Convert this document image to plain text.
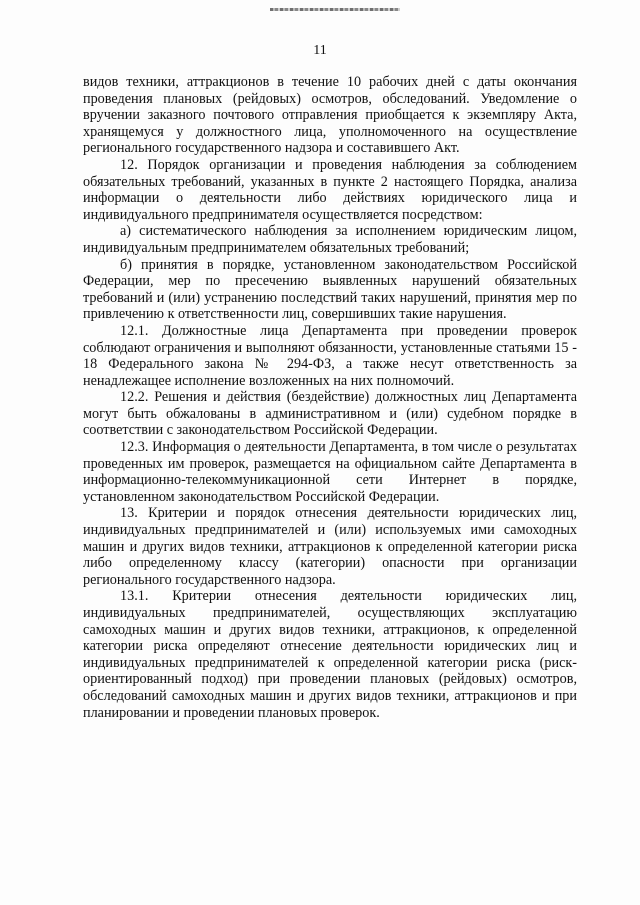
11

видов техники, аттракционов в течение 10 рабочих дней с даты окончания проведения плановых (рейдовых) осмотров, обследований. Уведомление о вручении заказного почтового отправления приобщается к экземпляру Акта, хранящемуся у должностного лица, уполномоченного на осуществление регионального государственного надзора и составившего Акт.

12. Порядок организации и проведения наблюдения за соблюдением обязательных требований, указанных в пункте 2 настоящего Порядка, анализа информации о деятельности либо действиях юридического лица и индивидуального предпринимателя осуществляется посредством:

а) систематического наблюдения за исполнением юридическим лицом, индивидуальным предпринимателем обязательных требований;

б) принятия в порядке, установленном законодательством Российской Федерации, мер по пресечению выявленных нарушений обязательных требований и (или) устранению последствий таких нарушений, принятия мер по привлечению к ответственности лиц, совершивших такие нарушения.

12.1. Должностные лица Департамента при проведении проверок соблюдают ограничения и выполняют обязанности, установленные статьями 15 - 18 Федерального закона № 294-ФЗ, а также несут ответственность за ненадлежащее исполнение возложенных на них полномочий.

12.2. Решения и действия (бездействие) должностных лиц Департамента могут быть обжалованы в административном и (или) судебном порядке в соответствии с законодательством Российской Федерации.

12.3. Информация о деятельности Департамента, в том числе о результатах проведенных им проверок, размещается на официальном сайте Департамента в информационно-телекоммуникационной сети Интернет в порядке, установленном законодательством Российской Федерации.

13. Критерии и порядок отнесения деятельности юридических лиц, индивидуальных предпринимателей и (или) используемых ими самоходных машин и других видов техники, аттракционов к определенной категории риска либо определенному классу (категории) опасности при организации регионального государственного надзора.

13.1. Критерии отнесения деятельности юридических лиц, индивидуальных предпринимателей, осуществляющих эксплуатацию самоходных машин и других видов техники, аттракционов, к определенной категории риска определяют отнесение деятельности юридических лиц и индивидуальных предпринимателей к определенной категории риска (риск-ориентированный подход) при проведении плановых (рейдовых) осмотров, обследований самоходных машин и других видов техники, аттракционов и при планировании и проведении плановых проверок.
